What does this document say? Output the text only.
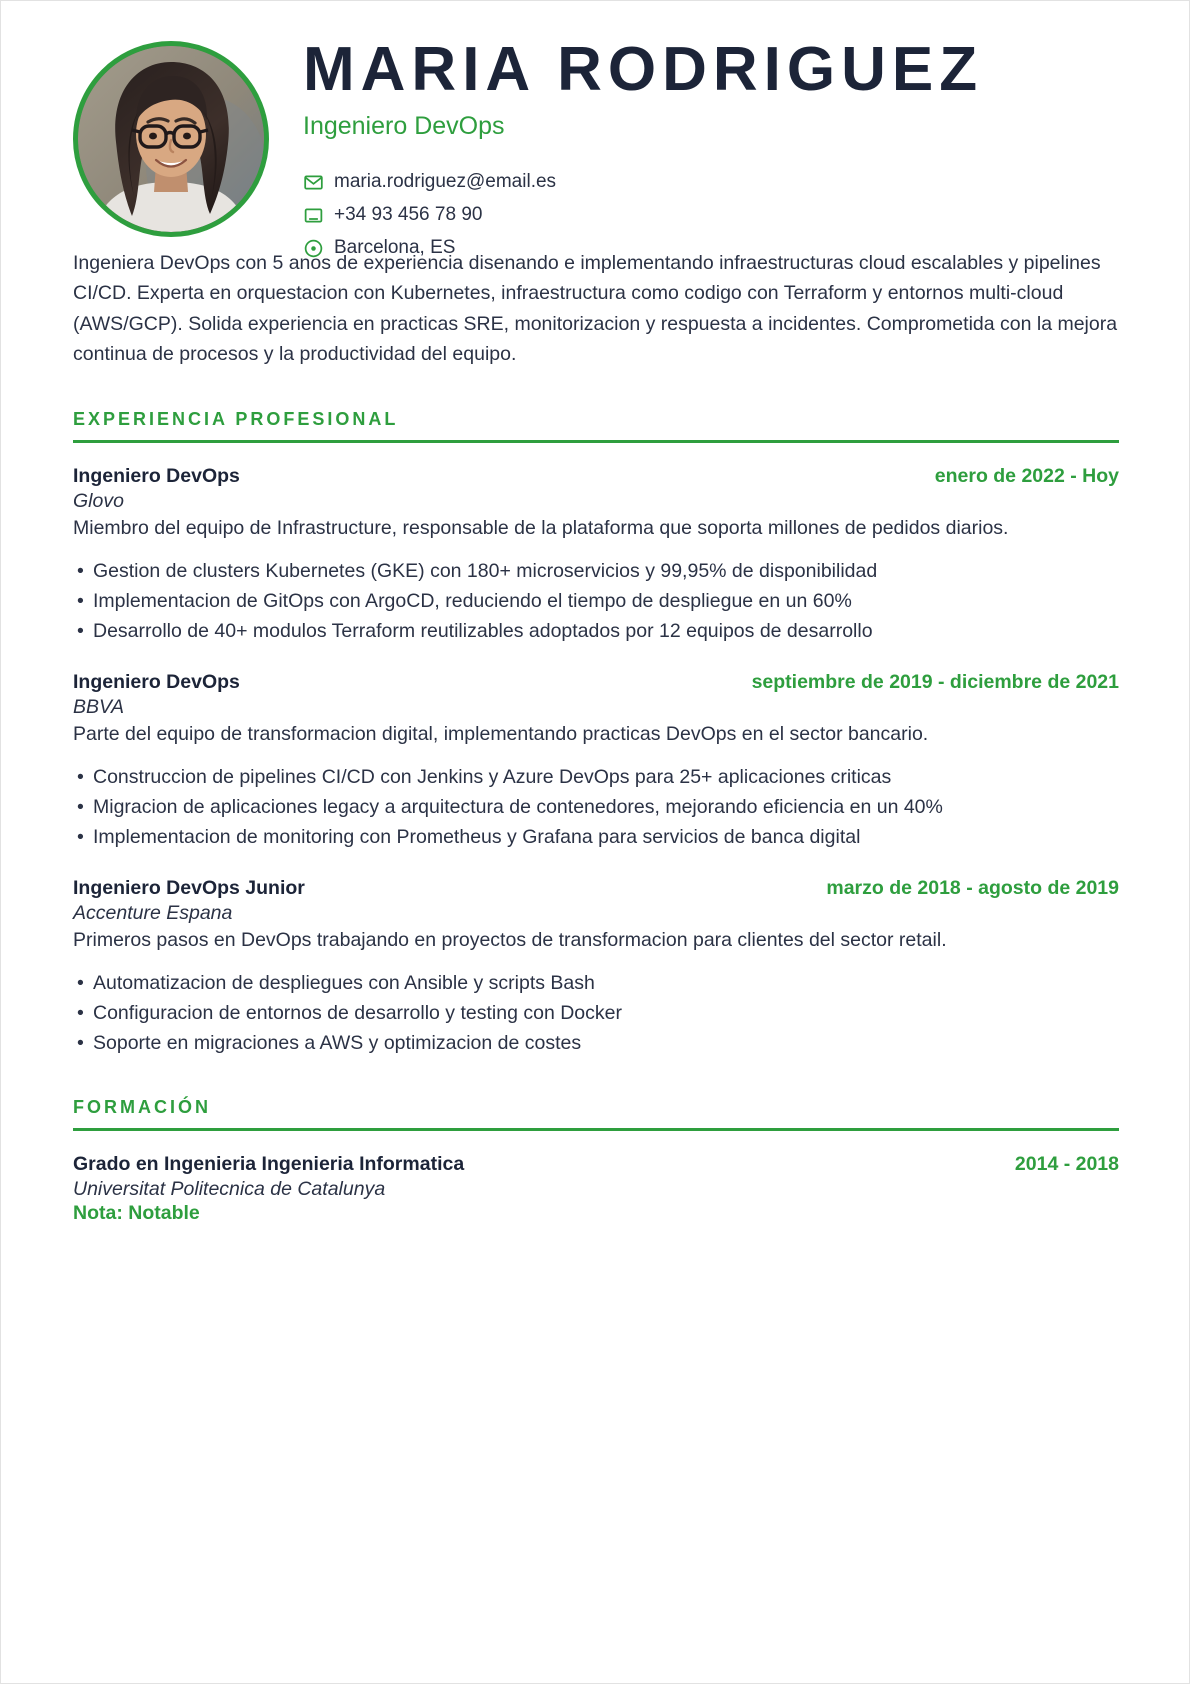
MARIA RODRIGUEZ
Ingeniero DevOps
maria.rodriguez@email.es
+34 93 456 78 90
Barcelona, ES
Ingeniera DevOps con 5 anos de experiencia disenando e implementando infraestructuras cloud escalables y pipelines CI/CD. Experta en orquestacion con Kubernetes, infraestructura como codigo con Terraform y entornos multi-cloud (AWS/GCP). Solida experiencia en practicas SRE, monitorizacion y respuesta a incidentes. Comprometida con la mejora continua de procesos y la productividad del equipo.
EXPERIENCIA PROFESIONAL
Ingeniero DevOps	enero de 2022 - Hoy
Glovo
Miembro del equipo de Infrastructure, responsable de la plataforma que soporta millones de pedidos diarios.
• Gestion de clusters Kubernetes (GKE) con 180+ microservicios y 99,95% de disponibilidad
• Implementacion de GitOps con ArgoCD, reduciendo el tiempo de despliegue en un 60%
• Desarrollo de 40+ modulos Terraform reutilizables adoptados por 12 equipos de desarrollo
Ingeniero DevOps	septiembre de 2019 - diciembre de 2021
BBVA
Parte del equipo de transformacion digital, implementando practicas DevOps en el sector bancario.
• Construccion de pipelines CI/CD con Jenkins y Azure DevOps para 25+ aplicaciones criticas
• Migracion de aplicaciones legacy a arquitectura de contenedores, mejorando eficiencia en un 40%
• Implementacion de monitoring con Prometheus y Grafana para servicios de banca digital
Ingeniero DevOps Junior	marzo de 2018 - agosto de 2019
Accenture Espana
Primeros pasos en DevOps trabajando en proyectos de transformacion para clientes del sector retail.
• Automatizacion de despliegues con Ansible y scripts Bash
• Configuracion de entornos de desarrollo y testing con Docker
• Soporte en migraciones a AWS y optimizacion de costes
FORMACIÓN
Grado en Ingenieria Ingenieria Informatica	2014 - 2018
Universitat Politecnica de Catalunya
Nota: Notable
